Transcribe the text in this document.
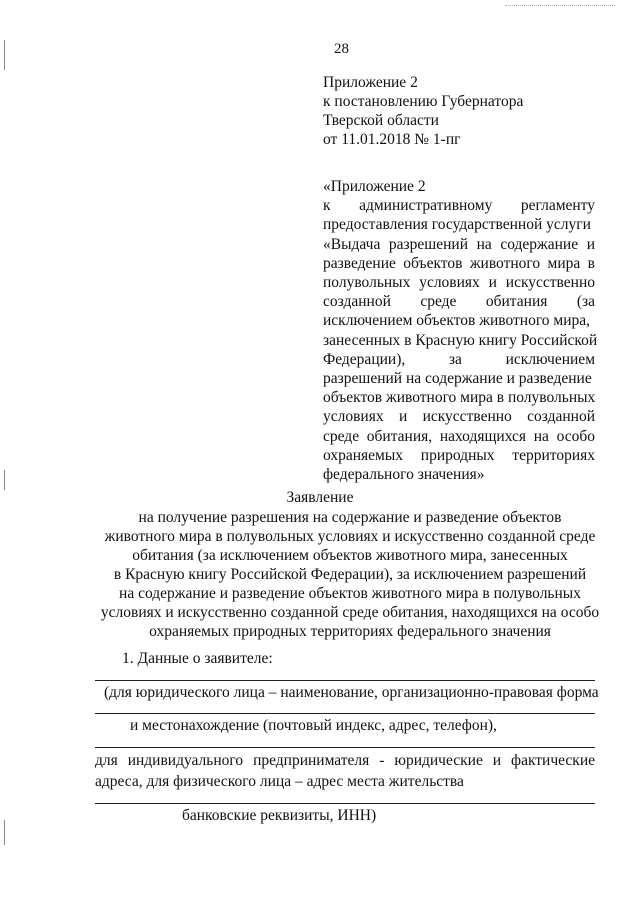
28
Приложение 2
к постановлению Губернатора
Тверской области
от 11.01.2018 № 1-пг
«Приложение 2
к административному регламенту
предоставления государственной услуги
«Выдача разрешений на содержание и
разведение объектов животного мира в
полувольных условиях и искусственно
созданной среде обитания (за
исключением объектов животного мира,
занесенных в Красную книгу Российской
Федерации), за исключением
разрешений на содержание и разведение
объектов животного мира в полувольных
условиях и искусственно созданной
среде обитания, находящихся на особо
охраняемых природных территориях
федерального значения»
Заявление
на получение разрешения на содержание и разведение объектов
животного мира в полувольных условиях и искусственно созданной среде
обитания (за исключением объектов животного мира, занесенных
в Красную книгу Российской Федерации), за исключением разрешений
на содержание и разведение объектов животного мира в полувольных
условиях и искусственно созданной среде обитания, находящихся на особо
охраняемых природных территориях федерального значения
1. Данные о заявителе:
(для юридического лица – наименование, организационно-правовая форма
и местонахождение (почтовый индекс, адрес, телефон),
для индивидуального предпринимателя - юридические и фактические
адреса, для физического лица – адрес места жительства
банковские реквизиты, ИНН)
